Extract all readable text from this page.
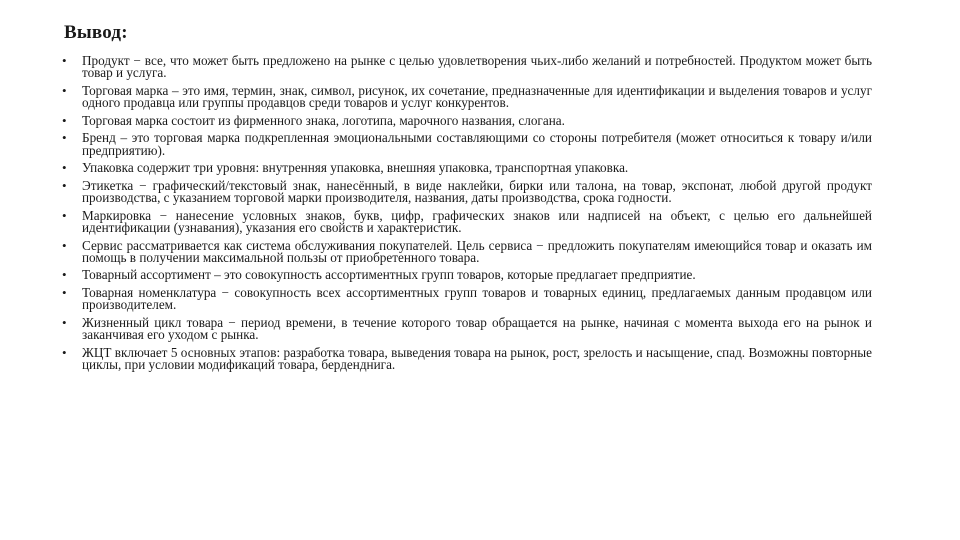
Вывод:
• Продукт − все, что может быть предложено на рынке с целью удовлетворения чьих-либо желаний и потребностей. Продуктом может быть товар и услуга.
• Торговая марка – это имя, термин, знак, символ, рисунок, их сочетание, предназначенные для идентификации и выделения товаров и услуг одного продавца или группы продавцов среди товаров и услуг конкурентов.
• Торговая марка состоит из фирменного знака, логотипа, марочного названия, слогана.
• Бренд – это торговая марка подкрепленная эмоциональными составляющими со стороны потребителя (может относиться к товару и/или предприятию).
• Упаковка содержит три уровня: внутренняя упаковка, внешняя упаковка, транспортная упаковка.
• Этикетка − графический/текстовый знак, нанесённый, в виде наклейки, бирки или талона, на товар, экспонат, любой другой продукт производства, с указанием торговой марки производителя, названия, даты производства, срока годности.
• Маркировка − нанесение условных знаков, букв, цифр, графических знаков или надписей на объект, с целью его дальнейшей идентификации (узнавания), указания его свойств и характеристик.
• Сервис рассматривается как система обслуживания покупателей. Цель сервиса − предложить покупателям имеющийся товар и оказать им помощь в получении максимальной пользы от приобретенного товара.
• Товарный ассортимент – это совокупность ассортиментных групп товаров, которые предлагает предприятие.
• Товарная номенклатура − совокупность всех ассортиментных групп товаров и товарных единиц, предлагаемых данным продавцом или производителем.
• Жизненный цикл товара − период времени, в течение которого товар обращается на рынке, начиная с момента выхода его на рынок и заканчивая его уходом с рынка.
• ЖЦТ включает 5 основных этапов: разработка товара, выведения товара на рынок, рост, зрелость и насыщение, спад. Возможны повторные циклы, при условии модификаций товара, берденднига.
